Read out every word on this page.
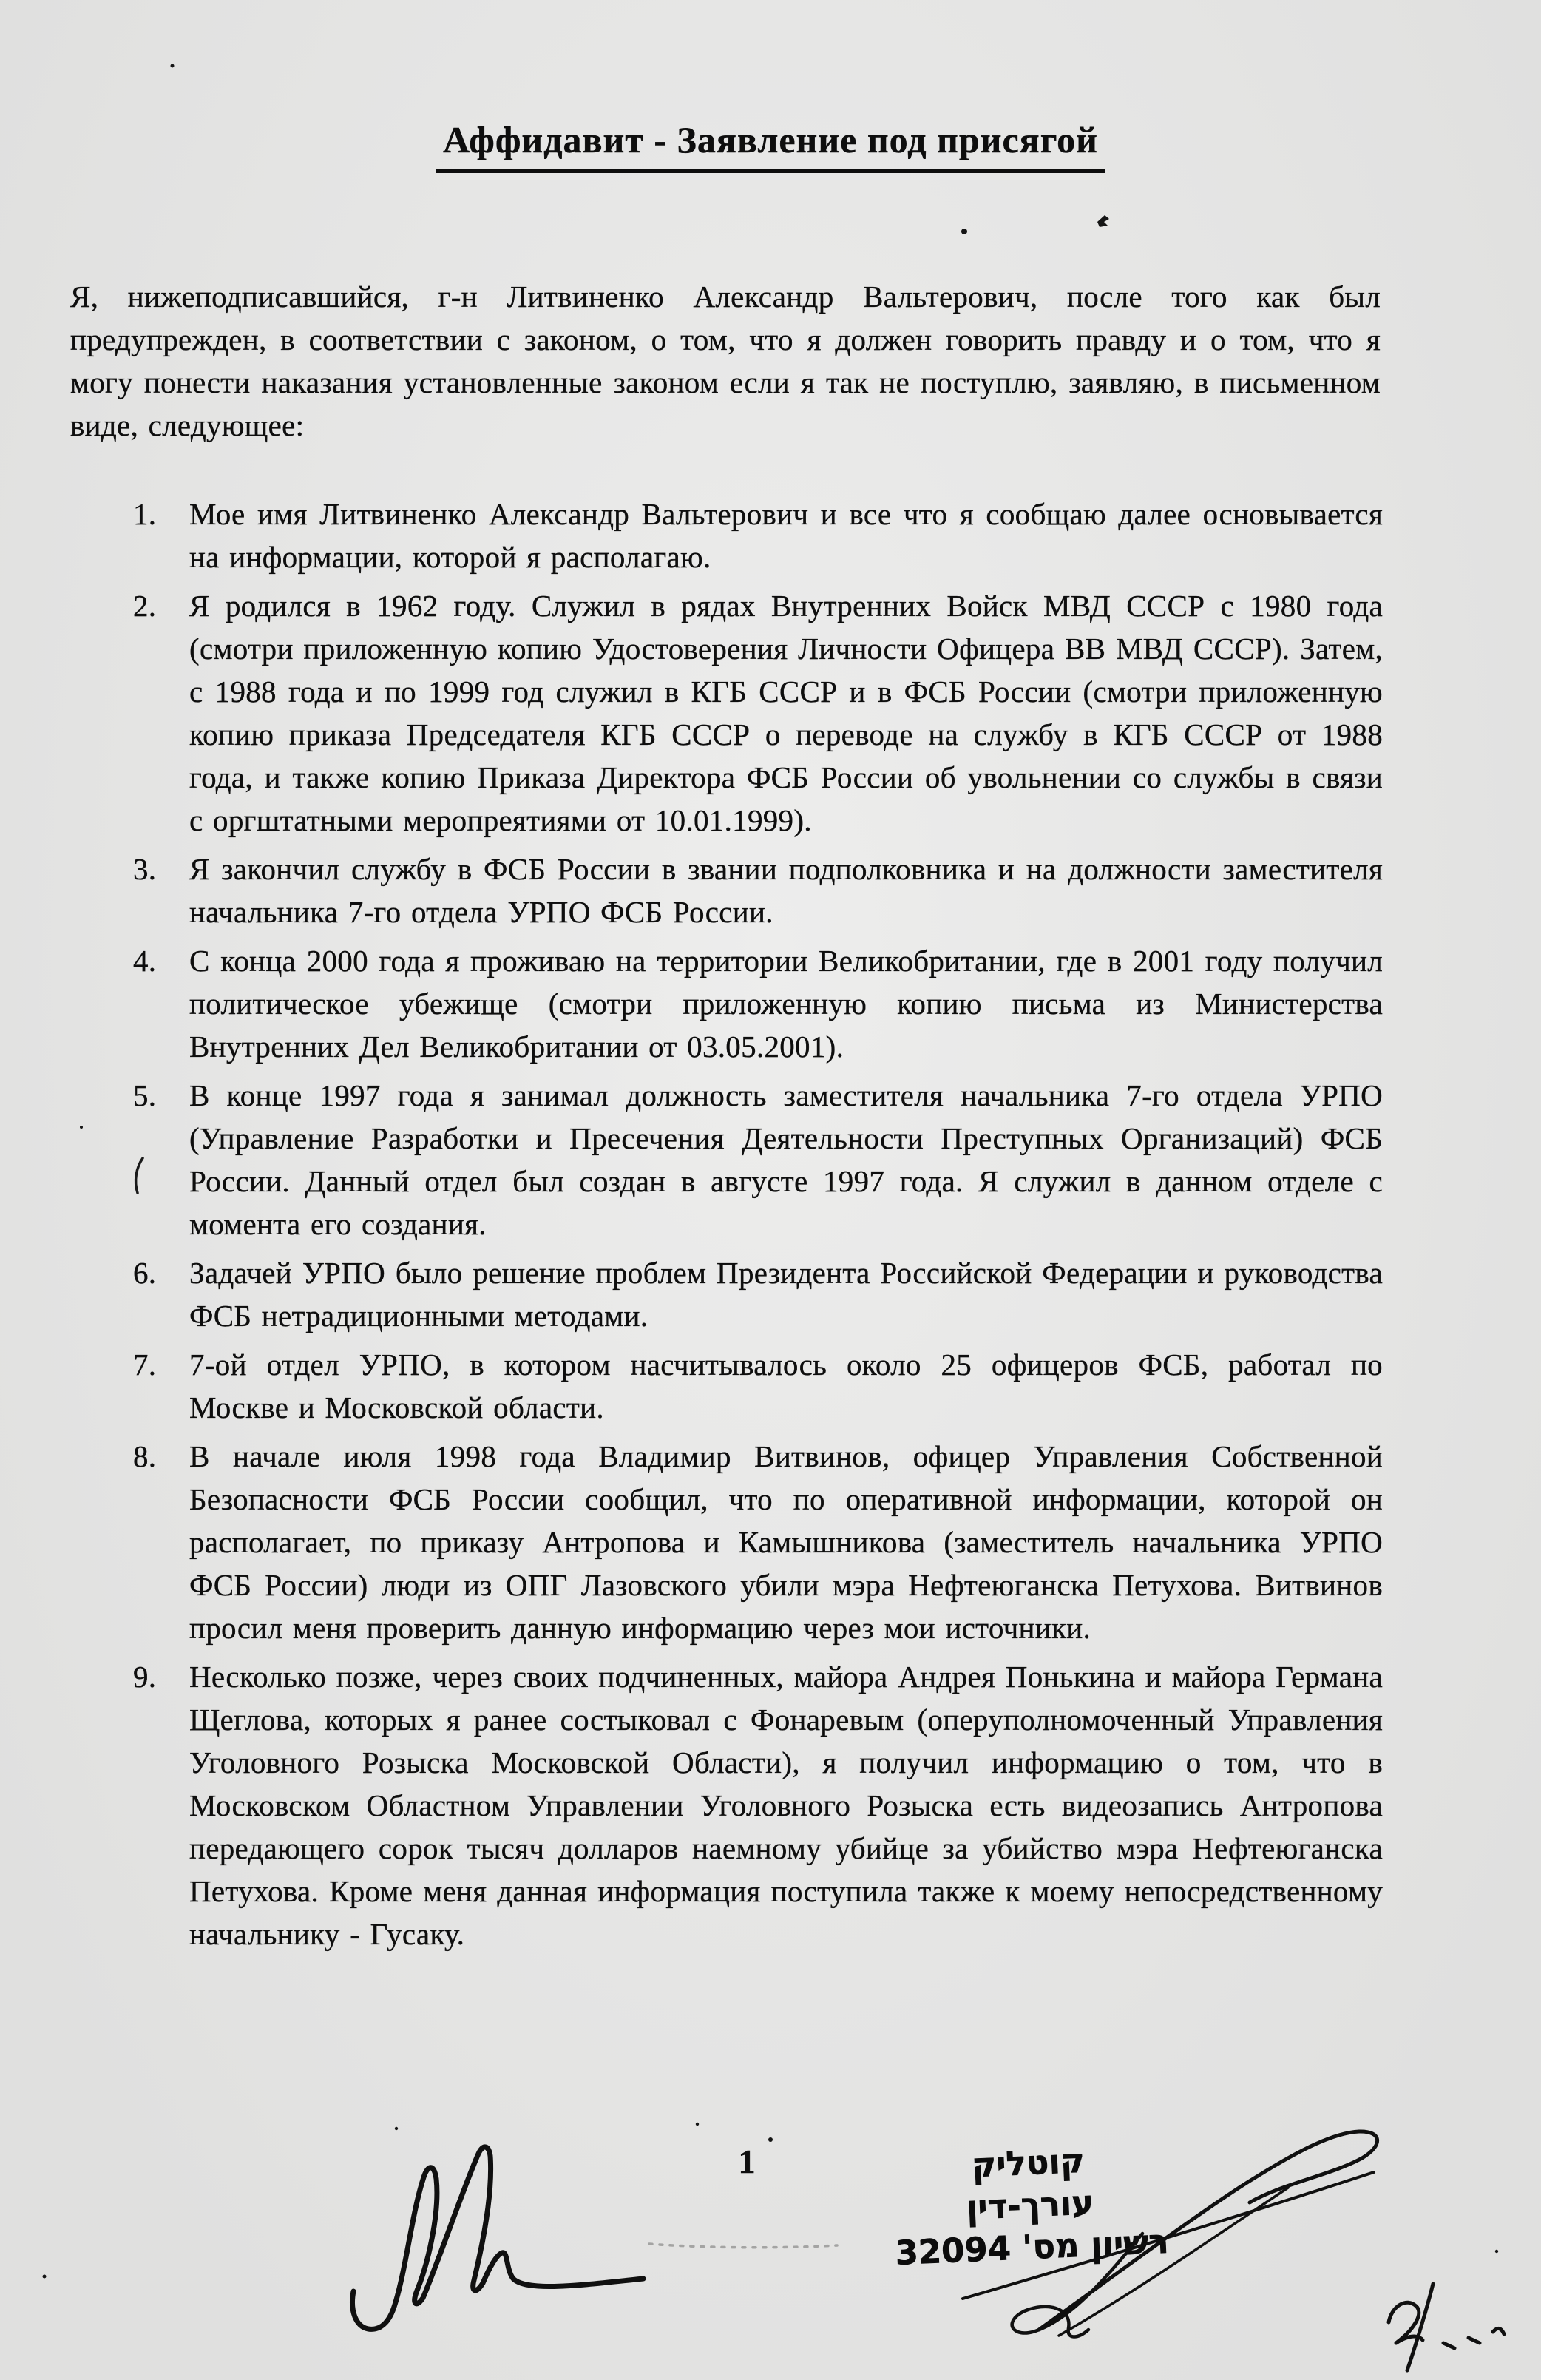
Аффидавит - Заявление под присягой

Я, нижеподписавшийся, г-н Литвиненко Александр Вальтерович, после того как был предупрежден, в соответствии с законом, о том, что я должен говорить правду и о том, что я могу понести наказания установленные законом если я так не поступлю, заявляю, в письменном виде, следующее:

1.	Мое имя Литвиненко Александр Вальтерович и все что я сообщаю далее основывается на информации, которой я располагаю.
2.	Я родился в 1962 году. Служил в рядах Внутренних Войск МВД СССР с 1980 года (смотри приложенную копию Удостоверения Личности Офицера ВВ МВД СССР). Затем, с 1988 года и по 1999 год служил в КГБ СССР и в ФСБ России (смотри приложенную копию приказа Председателя КГБ СССР о переводе на службу в КГБ СССР от 1988 года, и также копию Приказа Директора ФСБ России об увольнении со службы в связи с оргштатными меропреятиями от 10.01.1999).
3.	Я закончил службу в ФСБ России в звании подполковника и на должности заместителя начальника 7-го отдела УРПО ФСБ России.
4.	С конца 2000 года я проживаю на территории Великобритании, где в 2001 году получил политическое убежище (смотри приложенную копию письма из Министерства Внутренних Дел Великобритании от 03.05.2001).
5.	В конце 1997 года я занимал должность заместителя начальника 7-го отдела УРПО (Управление Разработки и Пресечения Деятельности Преступных Организаций) ФСБ России. Данный отдел был создан в августе 1997 года. Я служил в данном отделе с момента его создания.
6.	Задачей УРПО было решение проблем Президента Российской Федерации и руководства ФСБ нетрадиционными методами.
7.	7-ой отдел УРПО, в котором насчитывалось около 25 офицеров ФСБ, работал по Москве и Московской области.
8.	В начале июля 1998 года Владимир Витвинов, офицер Управления Собственной Безопасности ФСБ России сообщил, что по оперативной информации, которой он располагает, по приказу Антропова и Камышникова (заместитель начальника УРПО ФСБ России) люди из ОПГ Лазовского убили мэра Нефтеюганска Петухова. Витвинов просил меня проверить данную информацию через мои источники.
9.	Несколько позже, через своих подчиненных, майора Андрея Понькина и майора Германа Щеглова, которых я ранее состыковал с Фонаревым (оперуполномоченный Управления Уголовного Розыска Московской Области), я получил информацию о том, что в Московском Областном Управлении Уголовного Розыска есть видеозапись Антропова передающего сорок тысяч долларов наемному убийце за убийство мэра Нефтеюганска Петухова. Кроме меня данная информация поступила также к моему непосредственному начальнику - Гусаку.
1	קוטליק
עורך-דין
רשיון מס' 32094
